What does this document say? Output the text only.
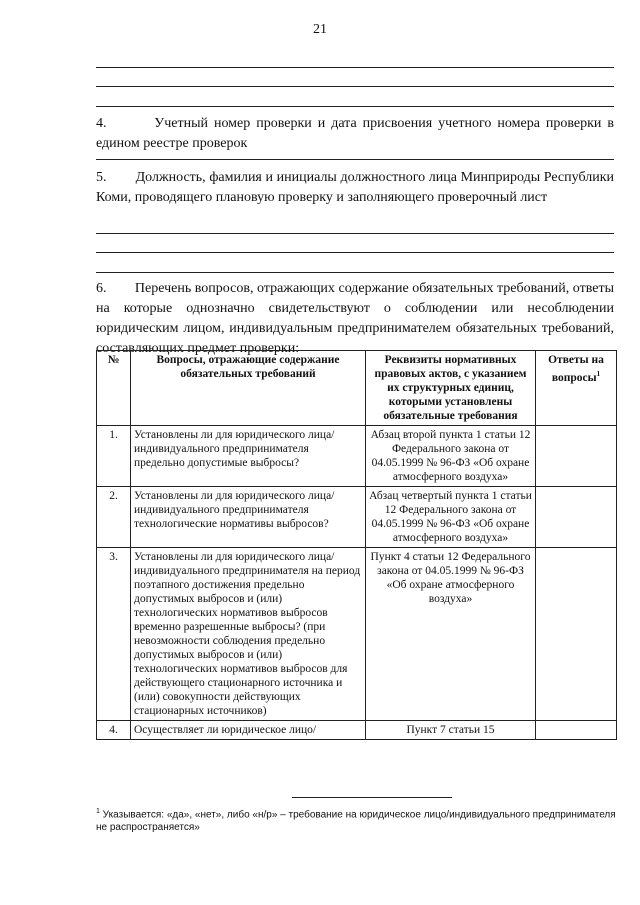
21

4.        Учетный номер проверки и дата присвоения учетного номера проверки в едином реестре проверок

5.        Должность, фамилия и инициалы должностного лица Минприроды Республики Коми, проводящего плановую проверку и заполняющего проверочный лист

6.        Перечень вопросов, отражающих содержание обязательных требований, ответы на которые однозначно свидетельствуют о соблюдении или несоблюдении юридическим лицом, индивидуальным предпринимателем обязательных требований, составляющих предмет проверки:

№	Вопросы, отражающие содержание обязательных требований	Реквизиты нормативных правовых актов, с указанием их структурных единиц, которыми установлены обязательные требования	Ответы на вопросы$^1$
1.	Установлены ли для юридического лица/ индивидуального предпринимателя предельно допустимые выбросы?	Абзац второй пункта 1 статьи 12 Федерального закона от 04.05.1999 № 96-ФЗ «Об охране атмосферного воздуха»	
2.	Установлены ли для юридического лица/ индивидуального предпринимателя технологические нормативы выбросов?	Абзац четвертый пункта 1 статьи 12 Федерального закона от 04.05.1999 № 96-ФЗ «Об охране атмосферного воздуха»	
3.	Установлены ли для юридического лица/ индивидуального предпринимателя на период поэтапного достижения предельно допустимых выбросов и (или) технологических нормативов выбросов временно разрешенные выбросы? (при невозможности соблюдения предельно допустимых выбросов и (или) технологических нормативов выбросов для действующего стационарного источника и (или) совокупности действующих стационарных источников)	Пункт 4 статьи 12 Федерального закона от 04.05.1999 № 96-ФЗ «Об охране атмосферного воздуха»	
4.	Осуществляет ли юридическое лицо/	Пункт 7 статьи 15	
$^1$ Указывается: «да», «нет», либо «н/р» – требование на юридическое лицо/индивидуального предпринимателя не распространяется»
